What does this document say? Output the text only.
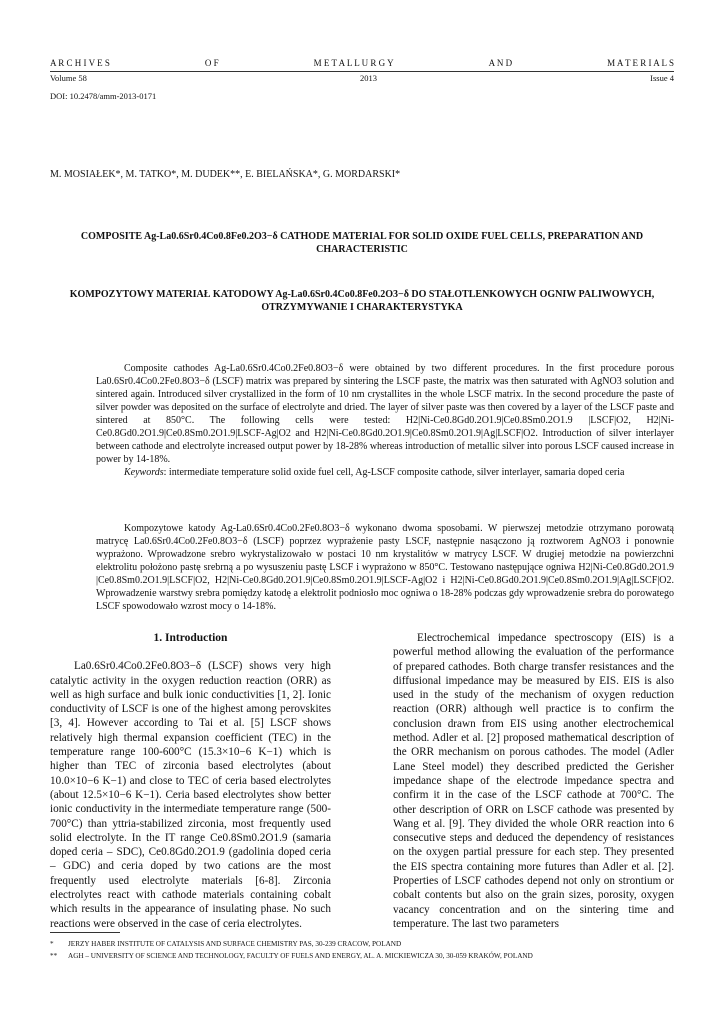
A R C H I V E S	O F	M E T A L L U R G Y	A N D	M A T E R I A L S
Volume 58	2013	Issue 4
DOI: 10.2478/amm-2013-0171
M. MOSIAŁEK*, M. TATKO*, M. DUDEK**, E. BIELAŃSKA*, G. MORDARSKI*
COMPOSITE Ag-La0.6Sr0.4Co0.8Fe0.2O3−δ CATHODE MATERIAL FOR SOLID OXIDE FUEL CELLS, PREPARATION AND
CHARACTERISTIC
KOMPOZYTOWY MATERIAŁ KATODOWY Ag-La0.6Sr0.4Co0.8Fe0.2O3−δ DO STAŁOTLENKOWYCH OGNIW PALIWOWYCH,
OTRZYMYWANIE I CHARAKTERYSTYKA

Composite cathodes Ag-La0.6Sr0.4Co0.2Fe0.8O3−δ were obtained by two different procedures. In the first procedure porous La0.6Sr0.4Co0.2Fe0.8O3−δ (LSCF) matrix was prepared by sintering the LSCF paste, the matrix was then saturated with AgNO3 solution and sintered again. Introduced silver crystallized in the form of 10 nm crystallites in the whole LSCF matrix. In the second procedure the paste of silver powder was deposited on the surface of electrolyte and dried. The layer of silver paste was then covered by a layer of the LSCF paste and sintered at 850°C. The following cells were tested: H2|Ni-Ce0.8Gd0.2O1.9|Ce0.8Sm0.2O1.9 |LSCF|O2, H2|Ni-Ce0.8Gd0.2O1.9|Ce0.8Sm0.2O1.9|LSCF-Ag|O2 and H2|Ni-Ce0.8Gd0.2O1.9|Ce0.8Sm0.2O1.9|Ag|LSCF|O2. Introduction of silver interlayer between cathode and electrolyte increased output power by 18-28% whereas introduction of metallic silver into porous LSCF caused increase in power by 14-18%.

Keywords: intermediate temperature solid oxide fuel cell, Ag-LSCF composite cathode, silver interlayer, samaria doped ceria

Kompozytowe katody Ag-La0.6Sr0.4Co0.2Fe0.8O3−δ wykonano dwoma sposobami. W pierwszej metodzie otrzymano porowatą matrycę La0.6Sr0.4Co0.2Fe0.8O3−δ (LSCF) poprzez wyprażenie pasty LSCF, następnie nasączono ją roztworem AgNO3 i ponownie wyprażono. Wprowadzone srebro wykrystalizowało w postaci 10 nm krystalitów w matrycy LSCF. W drugiej metodzie na powierzchni elektrolitu położono pastę srebrną a po wysuszeniu pastę LSCF i wyprażono w 850°C. Testowano następujące ogniwa H2|Ni-Ce0.8Gd0.2O1.9 |Ce0.8Sm0.2O1.9|LSCF|O2, H2|Ni-Ce0.8Gd0.2O1.9|Ce0.8Sm0.2O1.9|LSCF-Ag|O2 i H2|Ni-Ce0.8Gd0.2O1.9|Ce0.8Sm0.2O1.9|Ag|LSCF|O2. Wprowadzenie warstwy srebra pomiędzy katodę a elektrolit podniosło moc ogniwa o 18-28% podczas gdy wprowadzenie srebra do porowatego LSCF spowodowało wzrost mocy o 14-18%.

1. Introduction

La0.6Sr0.4Co0.2Fe0.8O3−δ (LSCF) shows very high catalytic activity in the oxygen reduction reaction (ORR) as well as high surface and bulk ionic conductivities [1, 2]. Ionic conductivity of LSCF is one of the highest among perovskites [3, 4]. However according to Tai et al. [5] LSCF shows relatively high thermal expansion coefficient (TEC) in the temperature range 100-600°C (15.3×10−6 K−1) which is higher than TEC of zirconia based electrolytes (about 10.0×10−6 K−1) and close to TEC of ceria based electrolytes (about 12.5×10−6 K−1). Ceria based electrolytes show better ionic conductivity in the intermediate temperature range (500-700°C) than yttria-stabilized zirconia, most frequently used solid electrolyte. In the IT range Ce0.8Sm0.2O1.9 (samaria doped ceria – SDC), Ce0.8Gd0.2O1.9 (gadolinia doped ceria – GDC) and ceria doped by two cations are the most frequently used electrolyte materials [6-8]. Zirconia electrolytes react with cathode materials containing cobalt which results in the appearance of insulating phase. No such reactions were observed in the case of ceria electrolytes.

Electrochemical impedance spectroscopy (EIS) is a powerful method allowing the evaluation of the performance of prepared cathodes. Both charge transfer resistances and the diffusional impedance may be measured by EIS. EIS is also used in the study of the mechanism of oxygen reduction reaction (ORR) although well practice is to confirm the conclusion drawn from EIS using another electrochemical method. Adler et al. [2] proposed mathematical description of the ORR mechanism on porous cathodes. The model (Adler Lane Steel model) they described predicted the Gerisher impedance shape of the electrode impedance spectra and confirm it in the case of the LSCF cathode at 700°C. The other description of ORR on LSCF cathode was presented by Wang et al. [9]. They divided the whole ORR reaction into 6 consecutive steps and deduced the dependency of resistances on the oxygen partial pressure for each step. They presented the EIS spectra containing more futures than Adler et al. [2]. Properties of LSCF cathodes depend not only on strontium or cobalt contents but also on the grain sizes, porosity, oxygen vacancy concentration and on the sintering time and temperature. The last two parameters

*	JERZY HABER INSTITUTE OF CATALYSIS AND SURFACE CHEMISTRY PAS, 30-239 CRACOW, POLAND
**	AGH – UNIVERSITY OF SCIENCE AND TECHNOLOGY, FACULTY OF FUELS AND ENERGY, AL. A. MICKIEWICZA 30, 30-059 KRAKÓW, POLAND
